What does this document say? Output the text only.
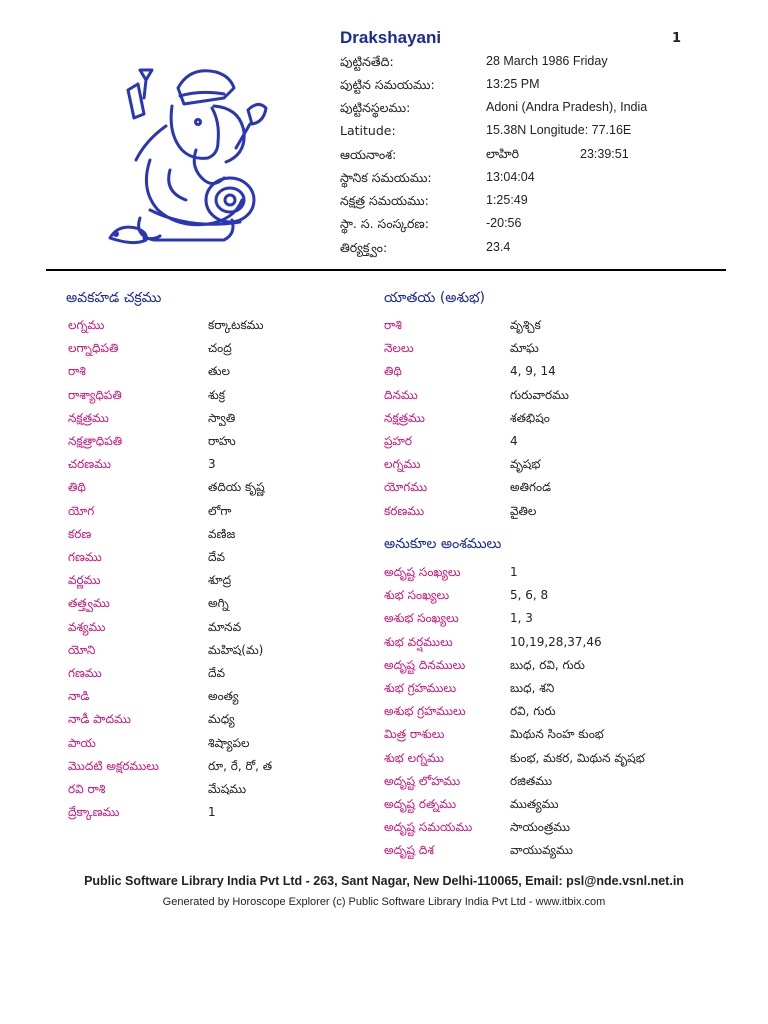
Drakshayani	1
పుట్టినతేది:	28 March 1986 Friday
పుట్టిన సమయము:	13:25 PM
పుట్టినస్థలము:	Adoni (Andra Pradesh), India
Latitude:	15.38N Longitude: 77.16E
ఆయనాంశ:	లాహిరి	23:39:51
స్థానిక సమయము:	13:04:04
నక్షత్ర సమయము:	1:25:49
స్థా. స. సంస్కరణ:	-20:56
తిర్యక్త్వం:	23.4
అవకహడ చక్రము	యాతయ (అశుభ)
అనుకూల అంశములు
లగ్నము	కర్కాటకము
లగ్నాధిపతి	చంద్ర
రాశి	తుల
రాశ్యాధిపతి	శుక్ర
నక్షత్రము	స్వాతి
నక్షత్రాధిపతి	రాహు
చరణము	3
తిథి	తదియ కృష్ణ
యోగ	లోగా
కరణ	వణిజ
గణము	దేవ
వర్ణము	శూద్ర
తత్త్వము	అగ్ని
వశ్యము	మానవ
యోని	మహిష(మ)
గణము	దేవ
నాడి	అంత్య
నాడీ పాదము	మధ్య
పాయ	శిష్యాపల
మొదటి అక్షరములు	రూ, రే, రో, త
రవి రాశి	మేషము
ద్రేక్కాణము	1
రాశి	వృశ్చిక
నెలలు	మాఘ
తిథి	4, 9, 14
దినము	గురువారము
నక్షత్రము	శతభిషం
ప్రహర	4
లగ్నము	వృషభ
యోగము	అతిగండ
కరణము	వైతిల
అదృష్ట సంఖ్యలు	1
శుభ సంఖ్యలు	5, 6, 8
అశుభ సంఖ్యలు	1, 3
శుభ వర్షములు	10,19,28,37,46
అదృష్ట దినములు	బుధ, రవి, గురు
శుభ గ్రహములు	బుధ, శని
అశుభ గ్రహములు	రవి, గురు
మిత్ర రాశులు	మిథున సింహ కుంభ
శుభ లగ్నము	కుంభ, మకర, మిథున వృషభ
అదృష్ట లోహము	రజితము
అదృష్ట రత్నము	ముత్యము
అదృష్ట సమయము	సాయంత్రము
అదృష్ట దిశ	వాయువ్యము
Public Software Library India Pvt Ltd - 263, Sant Nagar, New Delhi-110065, Email: psl@nde.vsnl.net.in
Generated by Horoscope Explorer (c) Public Software Library India Pvt Ltd - www.itbix.com
